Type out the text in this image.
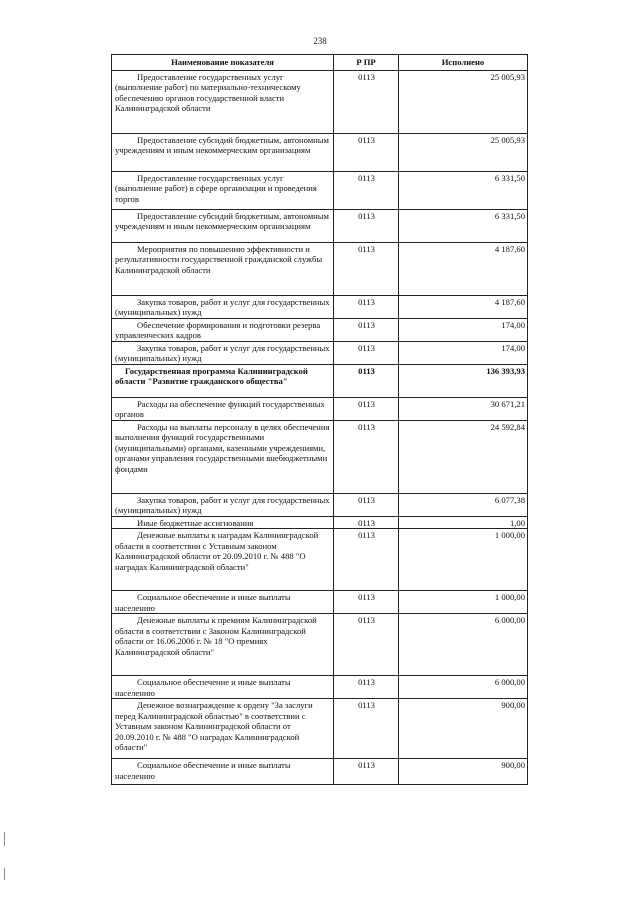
238
Наименование показателя	Р ПР	Исполнено
Предоставление государственных услуг (выполнение работ) по материально-техническому обеспечению органов государственной власти Калининградской области	0113	25 005,93
Предоставление субсидий бюджетным, автономным учреждениям и иным некоммерческим организациям	0113	25 005,93
Предоставление государственных услуг (выполнение работ) в сфере организации и проведения торгов	0113	6 331,50
Предоставление субсидий бюджетным, автономным учреждениям и иным некоммерческим организациям	0113	6 331,50
Мероприятия по повышению эффективности и результативности государственной гражданской службы Калининградской области	0113	4 187,60
Закупка товаров, работ и услуг для государственных (муниципальных) нужд	0113	4 187,60
Обеспечение формирования и подготовки резерва управленческих кадров	0113	174,00
Закупка товаров, работ и услуг для государственных (муниципальных) нужд	0113	174,00
Государственная программа Калининградской области "Развитие гражданского общества"	0113	136 393,93
Расходы на обеспечение функций государственных органов	0113	30 671,21
Расходы на выплаты персоналу в целях обеспечения выполнения функций государственными (муниципальными) органами, казенными учреждениями, органами управления государственными внебюджетными фондами	0113	24 592,84
Закупка товаров, работ и услуг для государственных (муниципальных) нужд	0113	6 077,38
Иные бюджетные ассигнования	0113	1,00
Денежные выплаты к наградам Калининградской области в соответствии с Уставным законом Калининградской области от 20.09.2010 г. № 488 "О наградах Калининградской области"	0113	1 000,00
Социальное обеспечение и иные выплаты населению	0113	1 000,00
Денежные выплаты к премиям Калининградской области в соответствии с Законом Калининградской области от 16.06.2006 г. № 18 "О премиях Калининградской области"	0113	6 000,00
Социальное обеспечение и иные выплаты населению	0113	6 000,00
Денежное вознаграждение к ордену "За заслуги перед Калининградской областью" в соответствии с Уставным законом Калининградской области от 20.09.2010 г. № 488 "О наградах Калининградской области"	0113	900,00
Социальное обеспечение и иные выплаты населению	0113	900,00
